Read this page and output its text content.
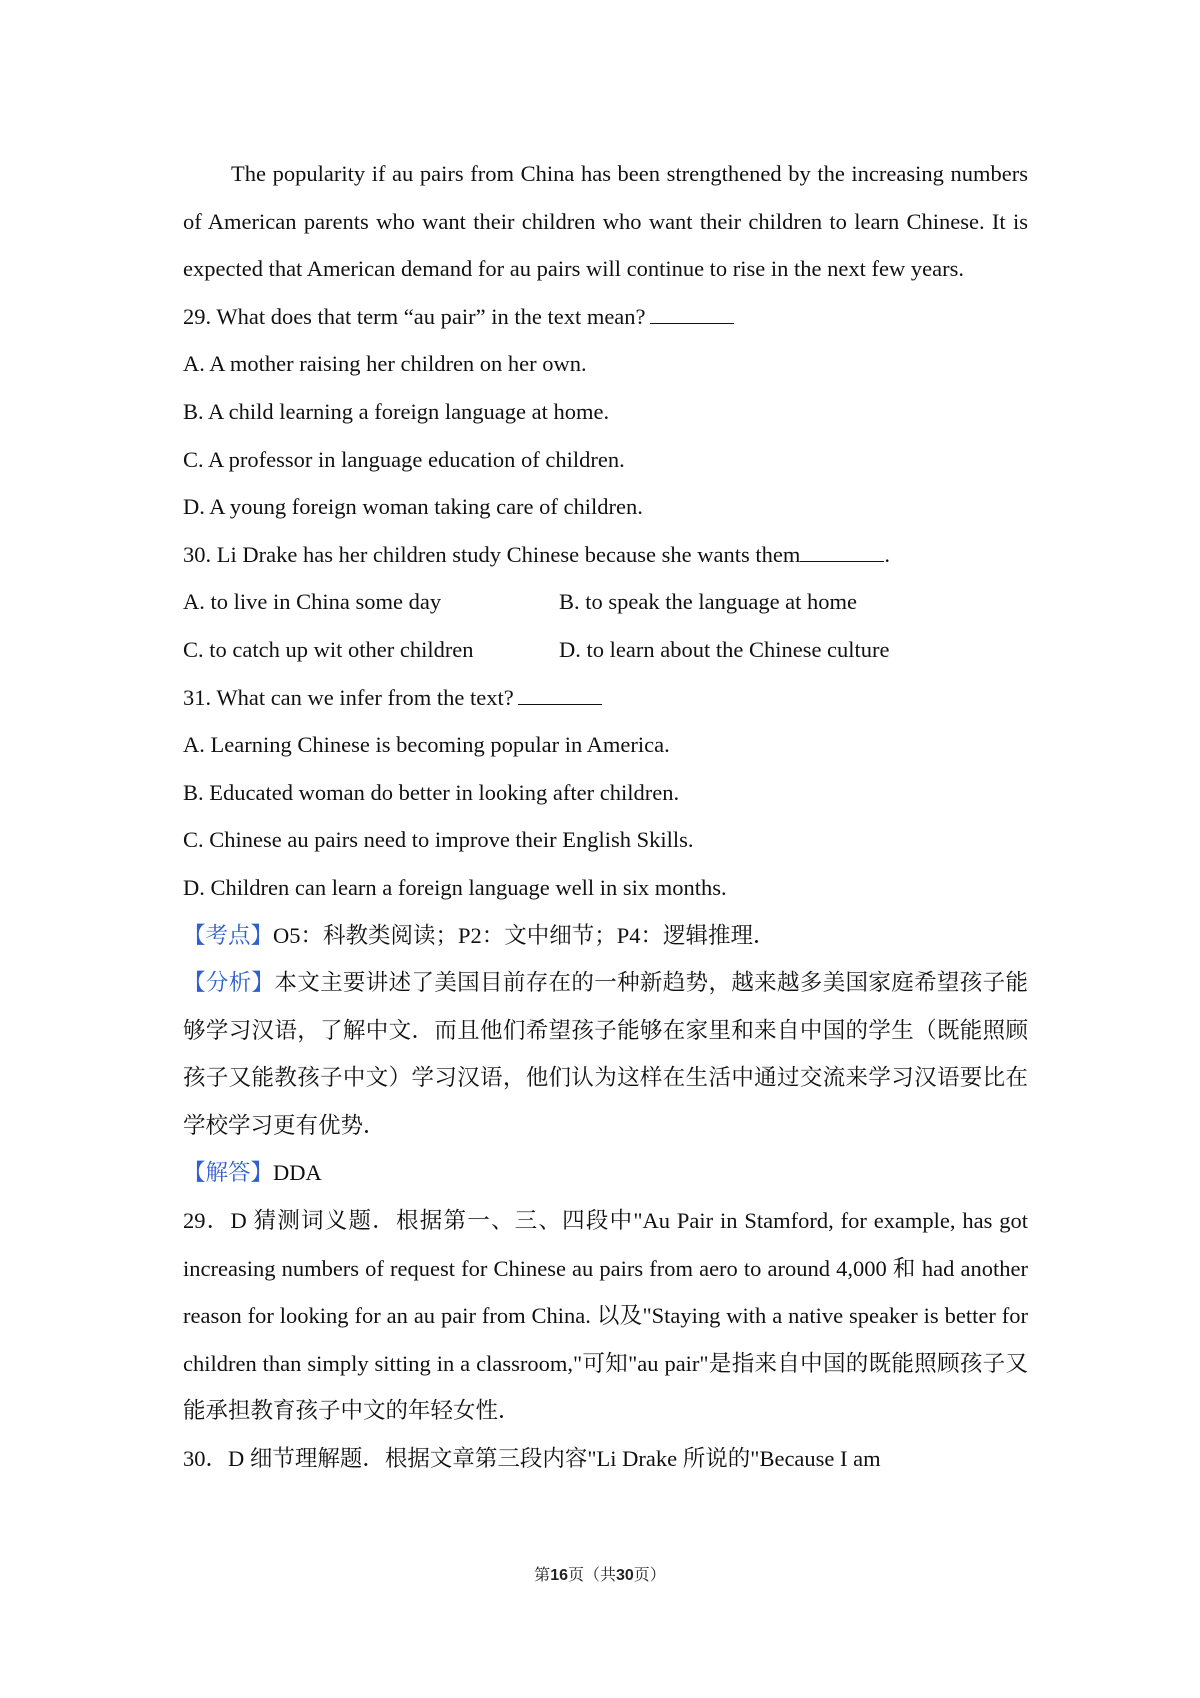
The popularity if au pairs from China has been strengthened by the increasing numbers of American parents who want their children who want their children to learn Chinese. It is expected that American demand for au pairs will continue to rise in the next few years.

29. What does that term “au pair” in the text mean?

A. A mother raising her children on her own.

B. A child learning a foreign language at home.

C. A professor in language education of children.

D. A young foreign woman taking care of children.

30. Li Drake has her children study Chinese because she wants them	.

A. to live in China some day	B. to speak the language at home
C. to catch up wit other children	D. to learn about the Chinese culture

31. What can we infer from the text?

A. Learning Chinese is becoming popular in America.

B. Educated woman do better in looking after children.

C. Chinese au pairs need to improve their English Skills.

D. Children can learn a foreign language well in six months.

【考点】O5：科教类阅读；P2：文中细节；P4：逻辑推理．

【分析】本文主要讲述了美国目前存在的一种新趋势，越来越多美国家庭希望孩子能够学习汉语，了解中文．而且他们希望孩子能够在家里和来自中国的学生（既能照顾孩子又能教孩子中文）学习汉语，他们认为这样在生活中通过交流来学习汉语要比在学校学习更有优势．

【解答】DDA

29．D 猜测词义题．根据第一、三、四段中"Au Pair in Stamford, for example, has got increasing numbers of request for Chinese au pairs from aero to around 4,000 和 had another reason for looking for an au pair from China. 以及"Staying with a native speaker is better for children than simply sitting in a classroom,"可知"au pair"是指来自中国的既能照顾孩子又能承担教育孩子中文的年轻女性．

30．D 细节理解题．根据文章第三段内容"Li Drake 所说的"Because I am

第16页（共30页）
